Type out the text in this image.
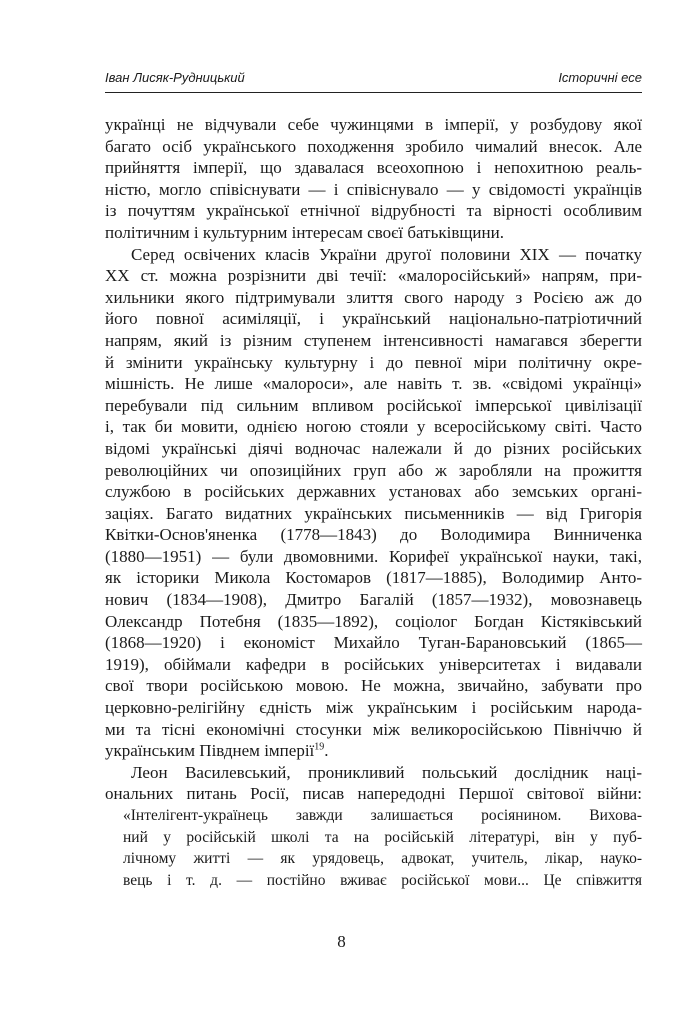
Іван Лисяк-Рудницький	Історичні есе
українці не відчували себе чужинцями в імперії, у розбудову якої
багато осіб українського походження зробило чималий внесок. Але
прийняття імперії, що здавалася всеохопною і непохитною реаль-
ністю, могло співіснувати — і співіснувало — у свідомості українців
із почуттям української етнічної відрубності та вірності особливим
політичним і культурним інтересам своєї батьківщини.
Серед освічених класів України другої половини XIX — початку
XX ст. можна розрізнити дві течії: «малоросійський» напрям, при-
хильники якого підтримували злиття свого народу з Росією аж до
його повної асиміляції, і український національно-патріотичний
напрям, який із різним ступенем інтенсивності намагався зберегти
й змінити українську культурну і до певної міри політичну окре-
мішність. Не лише «малороси», але навіть т. зв. «свідомі українці»
перебували під сильним впливом російської імперської цивілізації
і, так би мовити, однією ногою стояли у всеросійському світі. Часто
відомі українські діячі водночас належали й до різних російських
революційних чи опозиційних груп або ж заробляли на прожиття
службою в російських державних установах або земських органі-
заціях. Багато видатних українських письменників — від Григорія
Квітки-Основ'яненка (1778—1843) до Володимира Винниченка
(1880—1951) — були двомовними. Корифеї української науки, такі,
як історики Микола Костомаров (1817—1885), Володимир Анто-
нович (1834—1908), Дмитро Багалій (1857—1932), мовознавець
Олександр Потебня (1835—1892), соціолог Богдан Кістяківський
(1868—1920) і економіст Михайло Туган-Барановський (1865—
1919), обіймали кафедри в російських університетах і видавали
свої твори російською мовою. Не можна, звичайно, забувати про
церковно-релігійну єдність між українським і російським народа-
ми та тісні економічні стосунки між великоросійською Північчю й
українським Півднем імперії$^{19}$.
Леон Василевський, проникливий польський дослідник наці-
ональних питань Росії, писав напередодні Першої світової війни:
«Інтелігент-українець завжди залишається росіянином. Вихова-
ний у російській школі та на російській літературі, він у пуб-
лічному житті — як урядовець, адвокат, учитель, лікар, науко-
вець і т. д. — постійно вживає російської мови... Це співжиття
8
